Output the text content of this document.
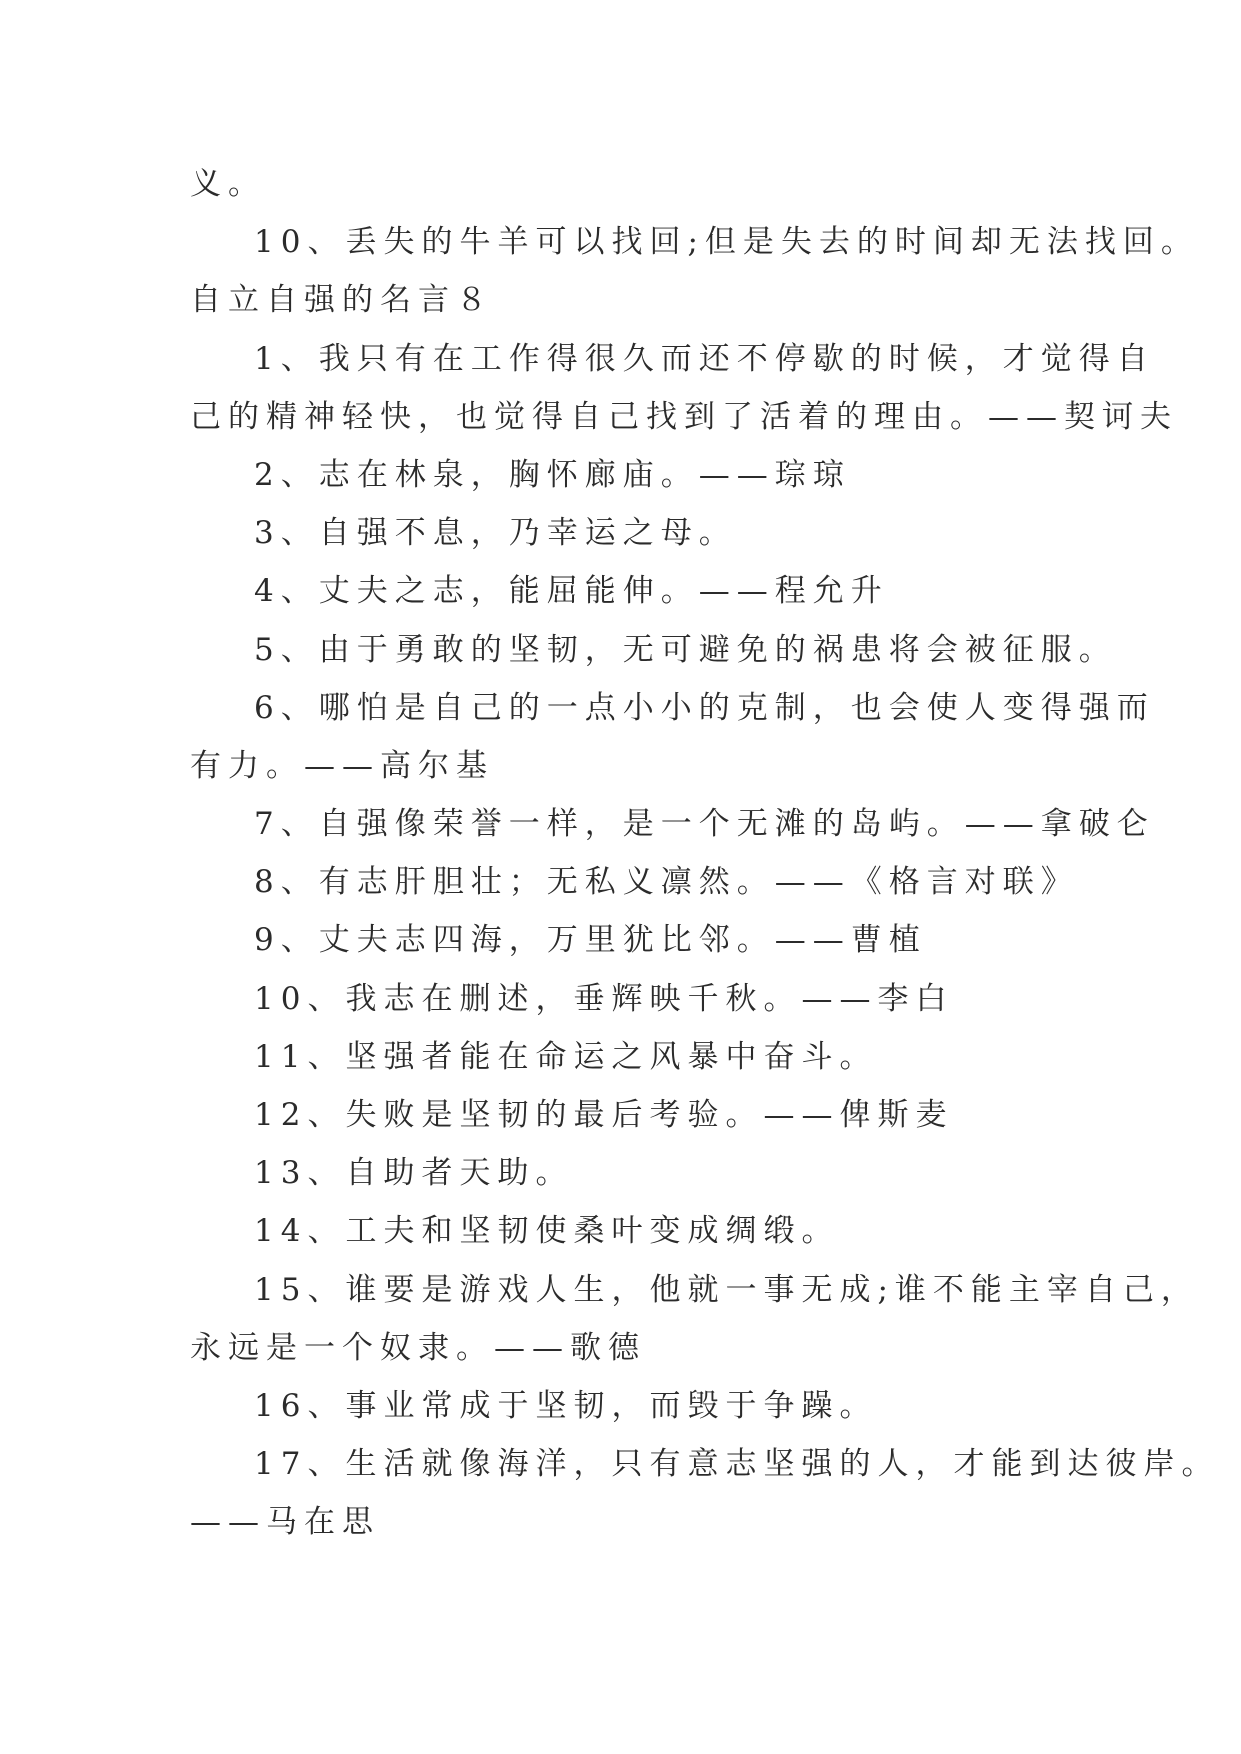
义。
10、丢失的牛羊可以找回;但是失去的时间却无法找回。
自立自强的名言８
1、我只有在工作得很久而还不停歇的时候，才觉得自
己的精神轻快，也觉得自己找到了活着的理由。——契诃夫
2、志在林泉，胸怀廊庙。——琮琼
3、自强不息，乃幸运之母。
4、丈夫之志，能屈能伸。——程允升
5、由于勇敢的坚韧，无可避免的祸患将会被征服。
6、哪怕是自己的一点小小的克制，也会使人变得强而
有力。——高尔基
7、自强像荣誉一样，是一个无滩的岛屿。——拿破仑
8、有志肝胆壮；无私义凛然。——《格言对联》
9、丈夫志四海，万里犹比邻。——曹植
10、我志在删述，垂辉映千秋。——李白
11、坚强者能在命运之风暴中奋斗。
12、失败是坚韧的最后考验。——俾斯麦
13、自助者天助。
14、工夫和坚韧使桑叶变成绸缎。
15、谁要是游戏人生，他就一事无成;谁不能主宰自己，
永远是一个奴隶。——歌德
16、事业常成于坚韧，而毁于争躁。
17、生活就像海洋，只有意志坚强的人，才能到达彼岸。
——马在思
